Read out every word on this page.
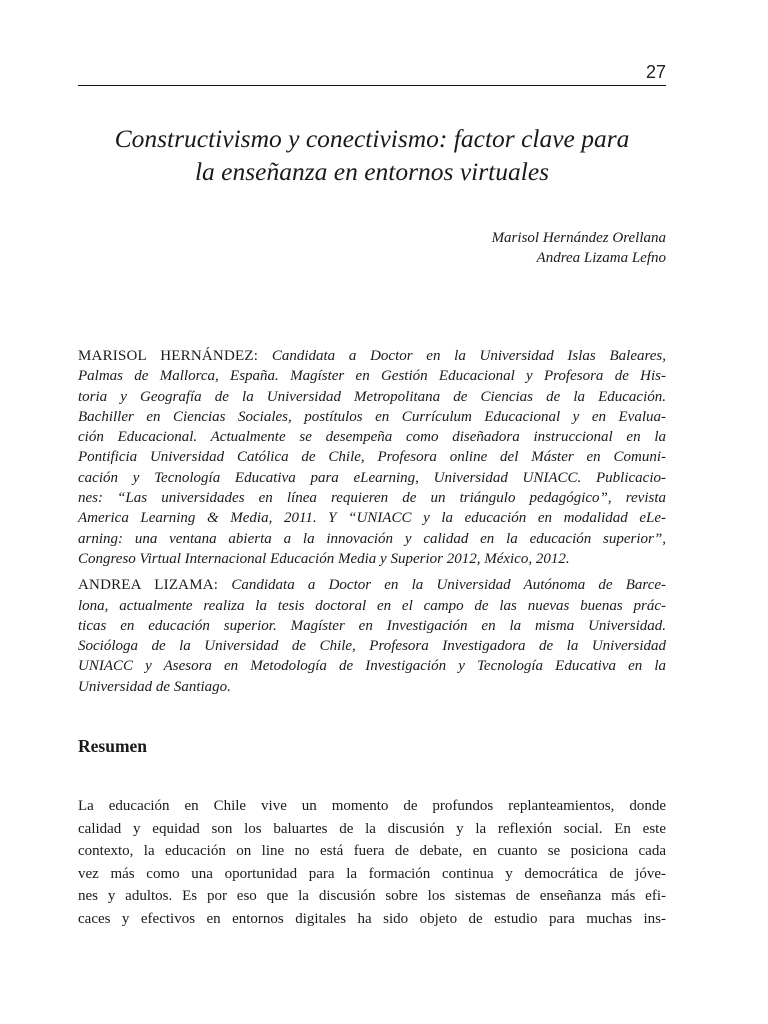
27
Constructivismo y conectivismo: factor clave para
la enseñanza en entornos virtuales
Marisol Hernández Orellana
Andrea Lizama Lefno

MARISOL HERNÁNDEZ: Candidata a Doctor en la Universidad Islas Baleares,
Palmas de Mallorca, España. Magíster en Gestión Educacional y Profesora de His-
toria y Geografía de la Universidad Metropolitana de Ciencias de la Educación.
Bachiller en Ciencias Sociales, postítulos en Currículum Educacional y en Evalua-
ción Educacional. Actualmente se desempeña como diseñadora instruccional en la
Pontificia Universidad Católica de Chile, Profesora online del Máster en Comuni-
cación y Tecnología Educativa para eLearning, Universidad UNIACC. Publicacio-
nes: “Las universidades en línea requieren de un triángulo pedagógico”, revista
America Learning & Media, 2011. Y “UNIACC y la educación en modalidad eLe-
arning: una ventana abierta a la innovación y calidad en la educación superior”,
Congreso Virtual Internacional Educación Media y Superior 2012, México, 2012.

ANDREA LIZAMA: Candidata a Doctor en la Universidad Autónoma de Barce-
lona, actualmente realiza la tesis doctoral en el campo de las nuevas buenas prác-
ticas en educación superior. Magíster en Investigación en la misma Universidad.
Socióloga de la Universidad de Chile, Profesora Investigadora de la Universidad
UNIACC y Asesora en Metodología de Investigación y Tecnología Educativa en la
Universidad de Santiago.

Resumen
La educación en Chile vive un momento de profundos replanteamientos, donde
calidad y equidad son los baluartes de la discusión y la reflexión social. En este
contexto, la educación on line no está fuera de debate, en cuanto se posiciona cada
vez más como una oportunidad para la formación continua y democrática de jóve-
nes y adultos. Es por eso que la discusión sobre los sistemas de enseñanza más efi-
caces y efectivos en entornos digitales ha sido objeto de estudio para muchas ins-
